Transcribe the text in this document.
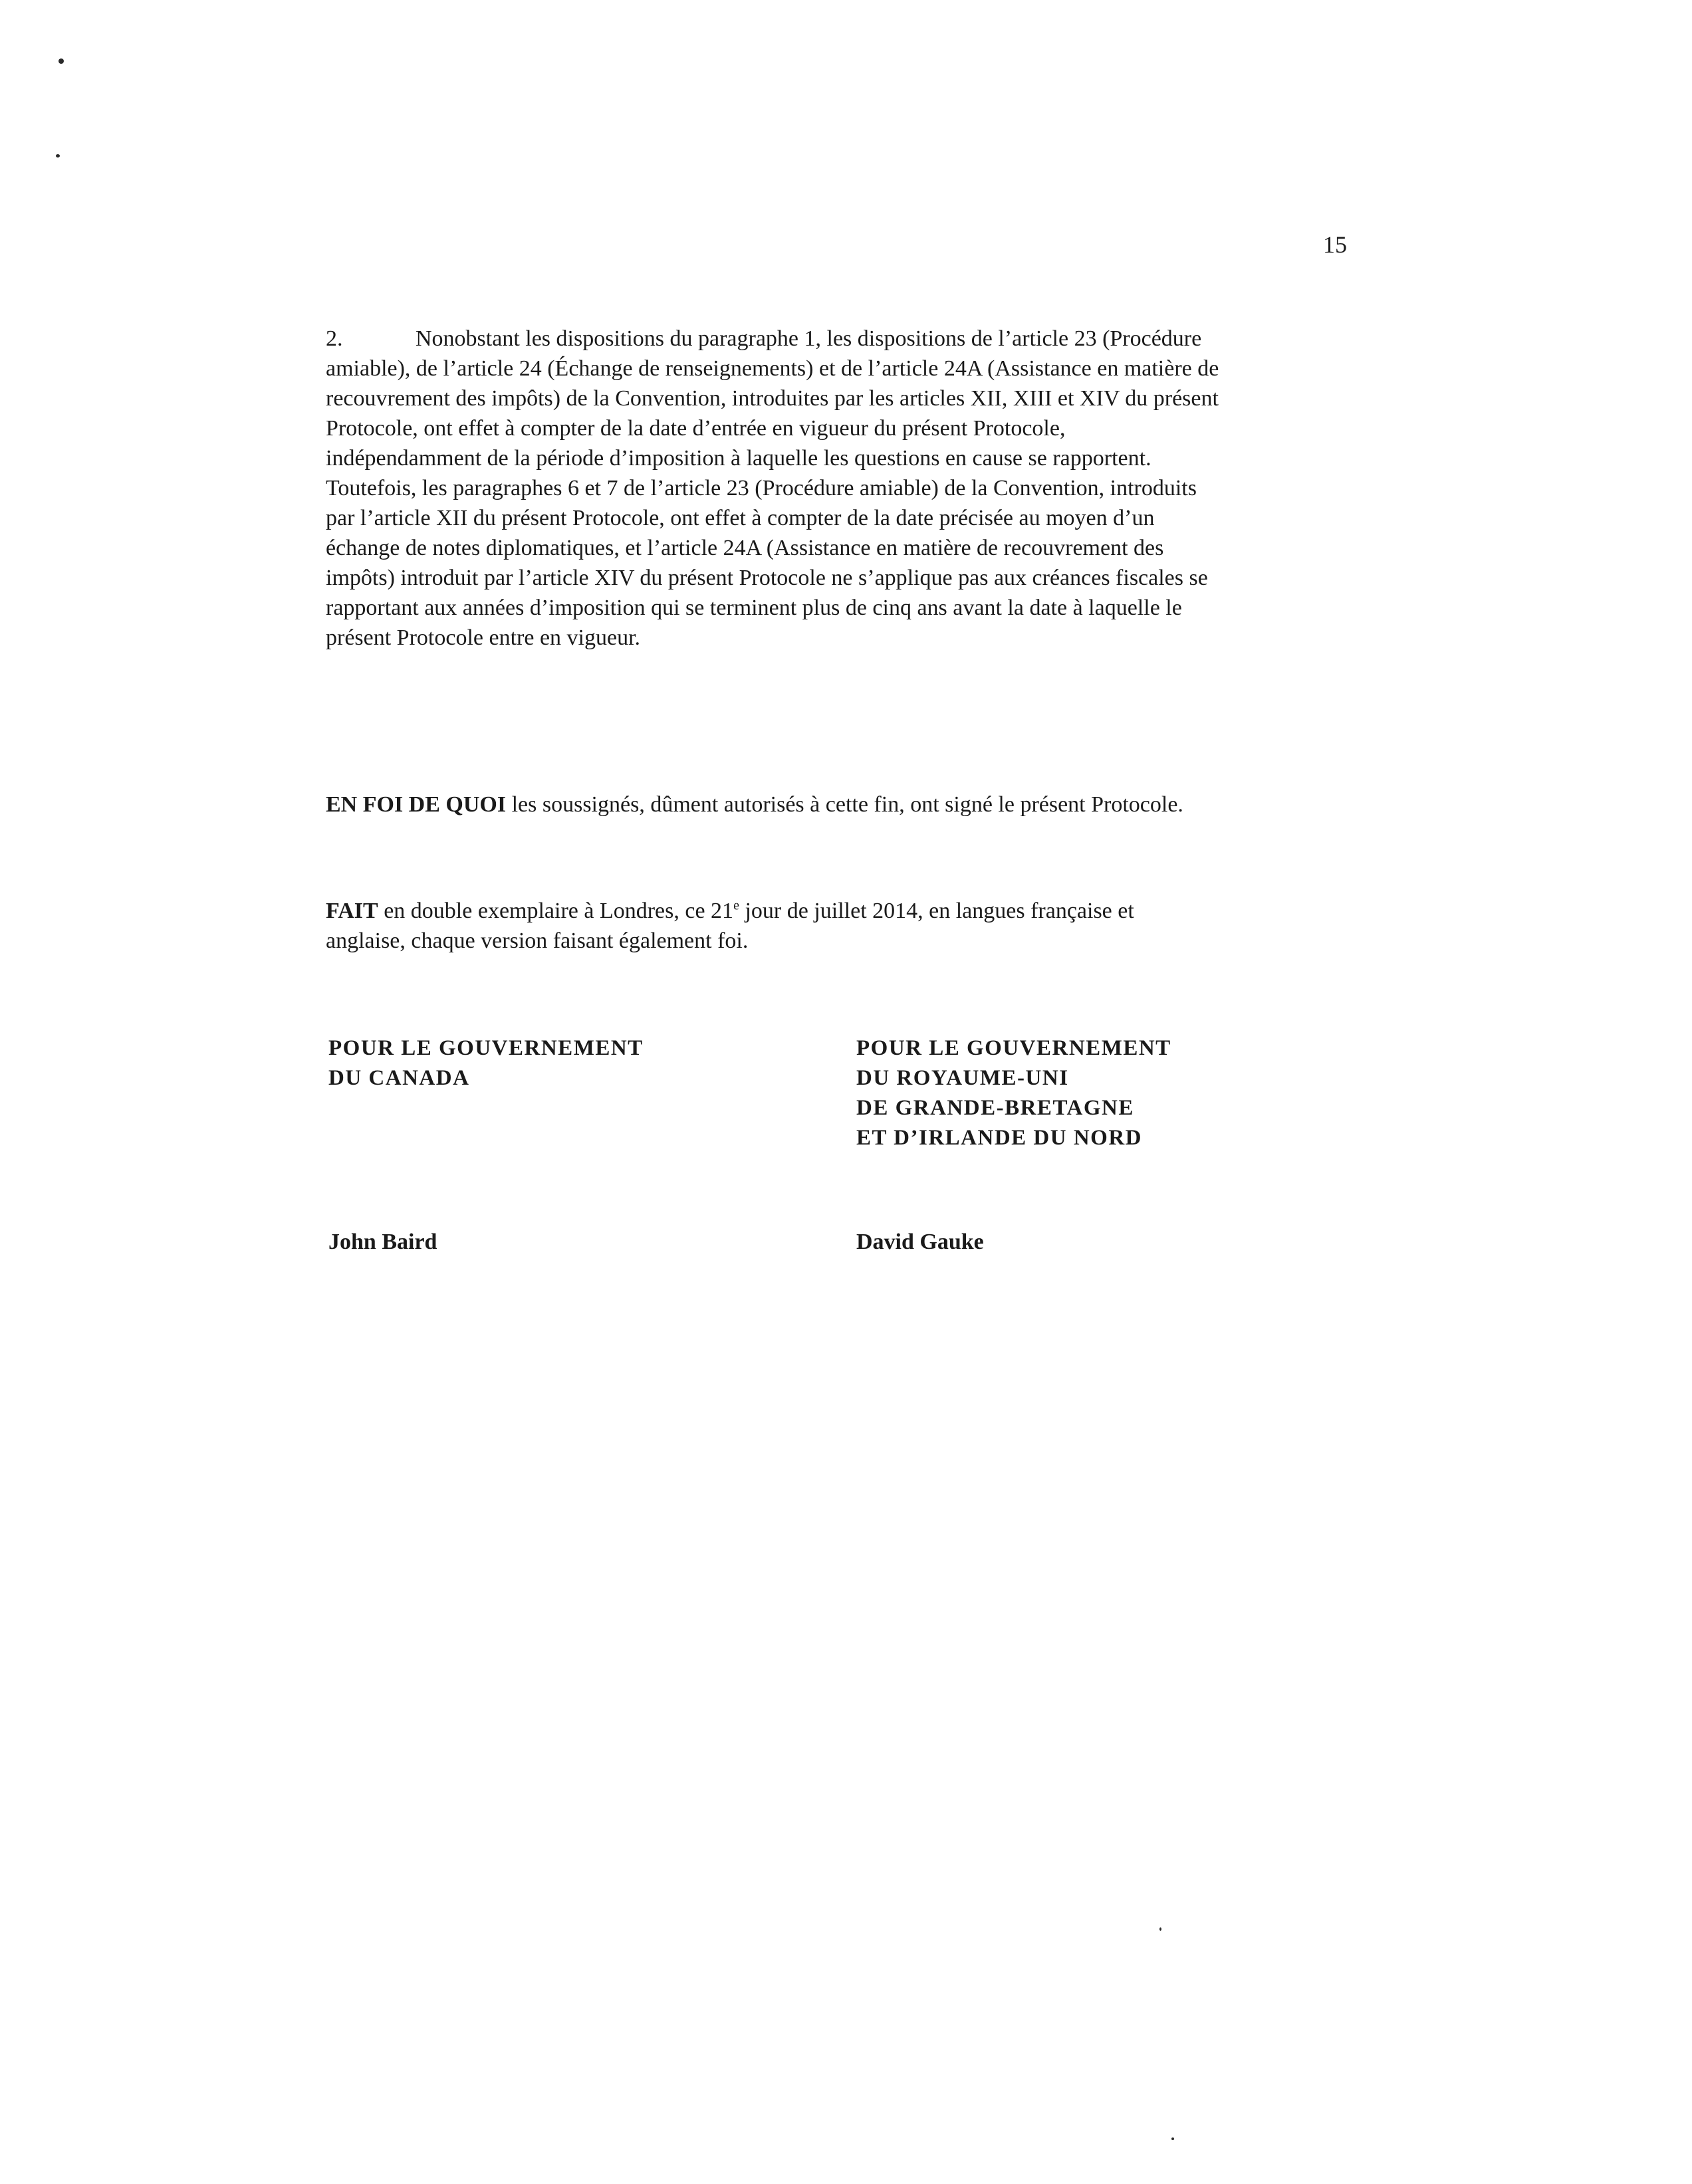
15
2.	Nonobstant les dispositions du paragraphe 1, les dispositions de l’article 23 (Procédure
amiable), de l’article 24 (Échange de renseignements) et de l’article 24A (Assistance en matière de
recouvrement des impôts) de la Convention, introduites par les articles XII, XIII et XIV du présent
Protocole, ont effet à compter de la date d’entrée en vigueur du présent Protocole,
indépendamment de la période d’imposition à laquelle les questions en cause se rapportent.
Toutefois, les paragraphes 6 et 7 de l’article 23 (Procédure amiable) de la Convention, introduits
par l’article XII du présent Protocole, ont effet à compter de la date précisée au moyen d’un
échange de notes diplomatiques, et l’article 24A (Assistance en matière de recouvrement des
impôts) introduit par l’article XIV du présent Protocole ne s’applique pas aux créances fiscales se
rapportant aux années d’imposition qui se terminent plus de cinq ans avant la date à laquelle le
présent Protocole entre en vigueur.
EN FOI DE QUOI les soussignés, dûment autorisés à cette fin, ont signé le présent Protocole.
FAIT en double exemplaire à Londres, ce 21e jour de juillet 2014, en langues française et
anglaise, chaque version faisant également foi.
POUR LE GOUVERNEMENT
DU CANADA
POUR LE GOUVERNEMENT
DU ROYAUME-UNI
DE GRANDE-BRETAGNE
ET D’IRLANDE DU NORD
John Baird	David Gauke
